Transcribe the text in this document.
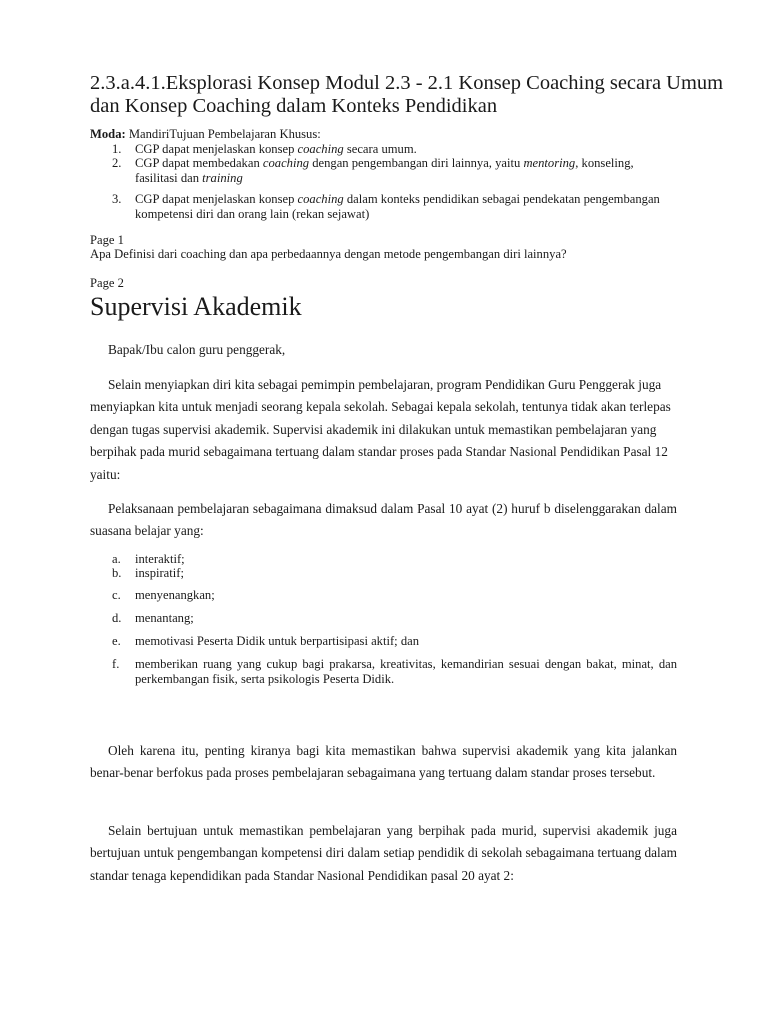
2.3.a.4.1.Eksplorasi Konsep Modul 2.3 - 2.1 Konsep Coaching secara Umum dan Konsep Coaching dalam Konteks Pendidikan
Moda: MandiriTujuan Pembelajaran Khusus:
1. CGP dapat menjelaskan konsep coaching secara umum.
2. CGP dapat membedakan coaching dengan pengembangan diri lainnya, yaitu mentoring, konseling, fasilitasi dan training
3. CGP dapat menjelaskan konsep coaching dalam konteks pendidikan sebagai pendekatan pengembangan kompetensi diri dan orang lain (rekan sejawat)
Page 1
Apa Definisi dari coaching dan apa perbedaannya dengan metode pengembangan diri lainnya?
Page 2
Supervisi Akademik
Bapak/Ibu calon guru penggerak,
Selain menyiapkan diri kita sebagai pemimpin pembelajaran, program Pendidikan Guru Penggerak juga menyiapkan kita untuk menjadi seorang kepala sekolah. Sebagai kepala sekolah, tentunya tidak akan terlepas dengan tugas supervisi akademik. Supervisi akademik ini dilakukan untuk memastikan pembelajaran yang berpihak pada murid sebagaimana tertuang dalam standar proses pada Standar Nasional Pendidikan Pasal 12 yaitu:
Pelaksanaan pembelajaran sebagaimana dimaksud dalam Pasal 10 ayat (2) huruf b diselenggarakan dalam suasana belajar yang:
a. interaktif;
b. inspiratif;
c. menyenangkan;
d. menantang;
e. memotivasi Peserta Didik untuk berpartisipasi aktif; dan
f. memberikan ruang yang cukup bagi prakarsa, kreativitas, kemandirian sesuai dengan bakat, minat, dan perkembangan fisik, serta psikologis Peserta Didik.
Oleh karena itu, penting kiranya bagi kita memastikan bahwa supervisi akademik yang kita jalankan benar-benar berfokus pada proses pembelajaran sebagaimana yang tertuang dalam standar proses tersebut.
Selain bertujuan untuk memastikan pembelajaran yang berpihak pada murid, supervisi akademik juga bertujuan untuk pengembangan kompetensi diri dalam setiap pendidik di sekolah sebagaimana tertuang dalam standar tenaga kependidikan pada Standar Nasional Pendidikan pasal 20 ayat 2:
